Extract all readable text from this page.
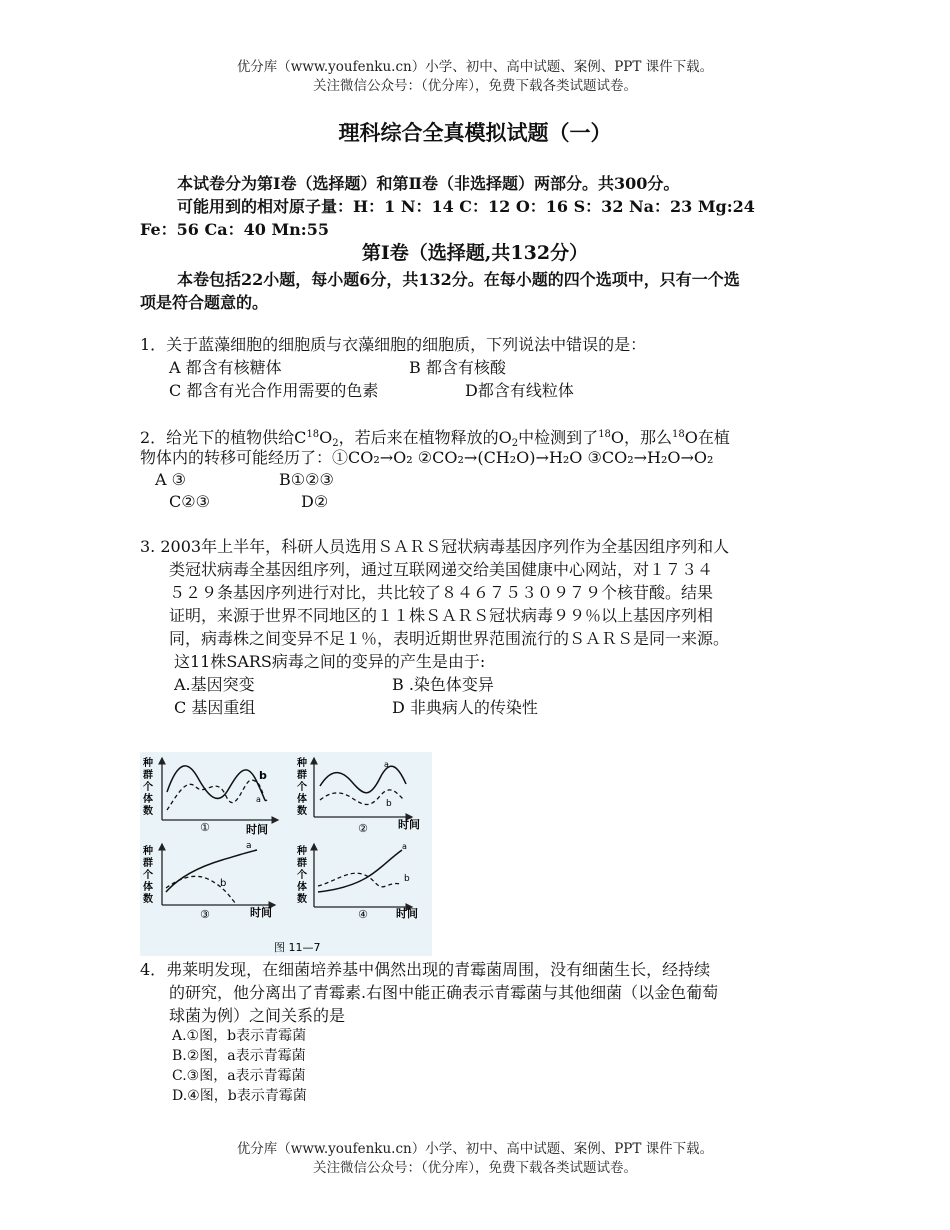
优分库（www.youfenku.cn）小学、初中、高中试题、案例、PPT 课件下载。
关注微信公众号：（优分库），免费下载各类试题试卷。
理科综合全真模拟试题（一）
本试卷分为第Ⅰ卷（选择题）和第Ⅱ卷（非选择题）两部分。共300分。
可能用到的相对原子量：H：1 N：14 C：12 O：16 S：32 Na：23 Mg:24
Fe：56 Ca：40 Mn:55
第Ⅰ卷（选择题,共132分）
本卷包括22小题，每小题6分，共132分。在每小题的四个选项中，只有一个选
项是符合题意的。
1．关于蓝藻细胞的细胞质与衣藻细胞的细胞质，下列说法中错误的是：
A 都含有核糖体	B 都含有核酸
C 都含有光合作用需要的色素	D都含有线粒体
2．给光下的植物供给$C^{18}O_2$，若后来在植物释放的$O_2$中检测到了$^{18}$O，那么$^{18}$O在植
物体内的转移可能经历了：①CO₂→O₂ ②CO₂→(CH₂O)→H₂O ③CO₂→H₂O→O₂
A ③	B①②③
C②③	D②
3. 2003年上半年，科研人员选用ＳＡＲＳ冠状病毒基因序列作为全基因组序列和人
类冠状病毒全基因组序列，通过互联网递交给美国健康中心网站，对１７３４
５２９条基因序列进行对比，共比较了８４６７５３０９７９个核苷酸。结果
证明，来源于世界不同地区的１１株ＳＡＲＳ冠状病毒９９％以上基因序列相
同，病毒株之间变异不足１％，表明近期世界范围流行的ＳＡＲＳ是同一来源。
这11株SARS病毒之间的变异的产生是由于:
A.基因突变	B .染色体变异
C 基因重组	D 非典病人的传染性
种
群
个
体
数
b
a
①	时间
种
群
个
体
数
a
b
②	时间
种
群
个
体
数
a
b
③	时间
种
群
个
体
数
a
b
④	时间
图 11—7
4．弗莱明发现，在细菌培养基中偶然出现的青霉菌周围，没有细菌生长，经持续
的研究，他分离出了青霉素.右图中能正确表示青霉菌与其他细菌（以金色葡萄
球菌为例）之间关系的是
A.①图，b表示青霉菌
B.②图，a表示青霉菌
C.③图，a表示青霉菌
D.④图，b表示青霉菌
优分库（www.youfenku.cn）小学、初中、高中试题、案例、PPT 课件下载。
关注微信公众号：（优分库），免费下载各类试题试卷。
